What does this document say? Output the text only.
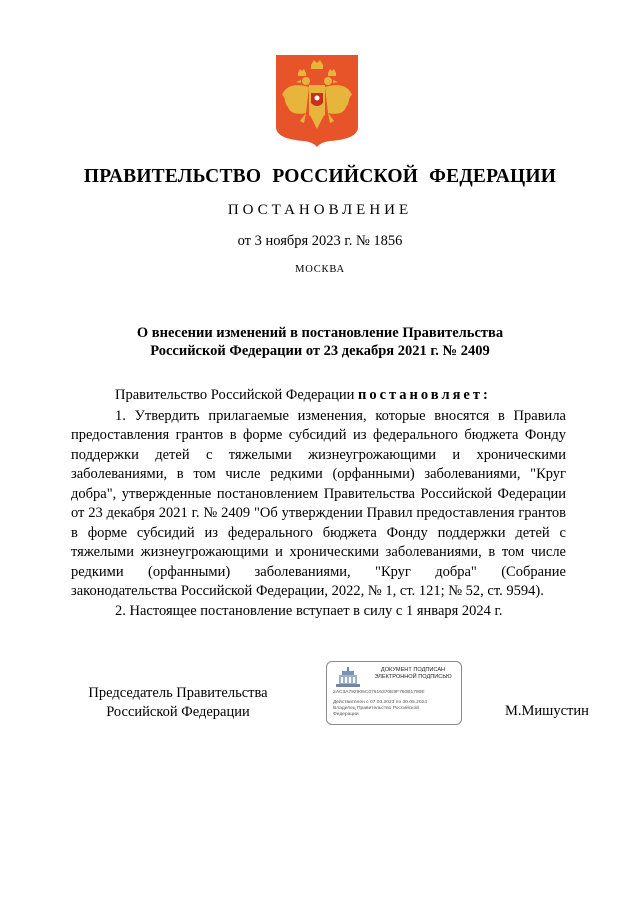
ПРАВИТЕЛЬСТВО РОССИЙСКОЙ ФЕДЕРАЦИИ
ПОСТАНОВЛЕНИЕ
от 3 ноября 2023 г. № 1856
МОСКВА
О внесении изменений в постановление Правительства
Российской Федерации от 23 декабря 2021 г. № 2409
Правительство Российской Федерации постановляет:

1. Утвердить прилагаемые изменения, которые вносятся в Правила предоставления грантов в форме субсидий из федерального бюджета Фонду поддержки детей с тяжелыми жизнеугрожающими и хроническими заболеваниями, в том числе редкими (орфанными) заболеваниями, "Круг добра", утвержденные постановлением Правительства Российской Федерации от 23 декабря 2021 г. № 2409 "Об утверждении Правил предоставления грантов в форме субсидий из федерального бюджета Фонду поддержки детей с тяжелыми жизнеугрожающими и хроническими заболеваниями, в том числе редкими (орфанными) заболеваниями, "Круг добра" (Собрание законодательства Российской Федерации, 2022, № 1, ст. 121; № 52, ст. 9594).

2. Настоящее постановление вступает в силу с 1 января 2024 г.

Председатель Правительства
Российской Федерации
ДОКУМЕНТ ПОДПИСАН
ЭЛЕКТРОННОЙ ПОДПИСЬЮ
2AC3A792905C07616370E9F760B1780E
Действителен с 07.03.2023 по 30.05.2024
Владелец Правительство Российской
Федерации	М.Мишустин
